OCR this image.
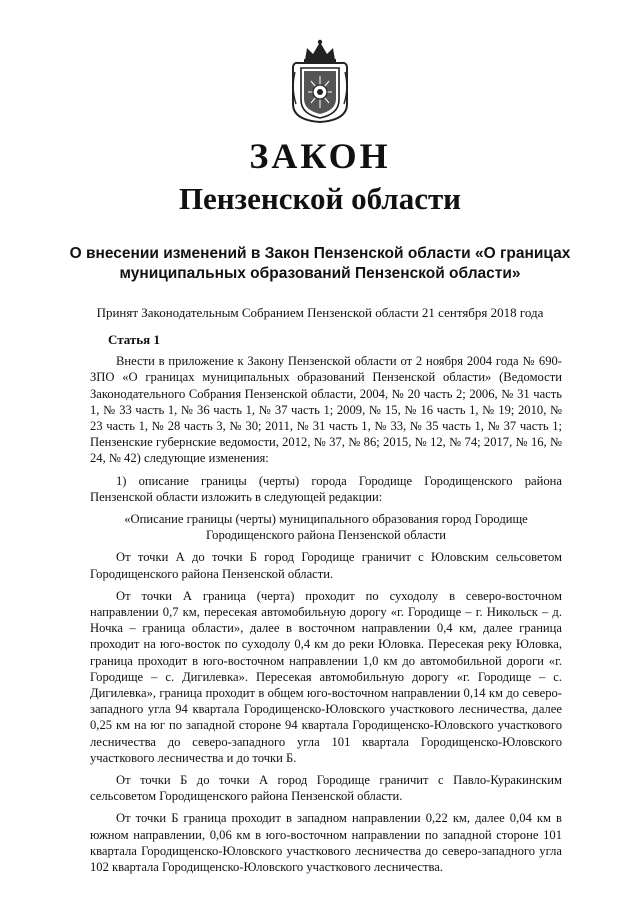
ЗАКОН
Пензенской области

О внесении изменений в Закон Пензенской области «О границах муниципальных образований Пензенской области»

Принят Законодательным Собранием Пензенской области 21 сентября 2018 года

Статья 1

Внести в приложение к Закону Пензенской области от 2 ноября 2004 года № 690-ЗПО «О границах муниципальных образований Пензенской области» (Ведомости Законодательного Собрания Пензенской области, 2004, № 20 часть 2; 2006, № 31 часть 1, № 33 часть 1, № 36 часть 1, № 37 часть 1; 2009, № 15, № 16 часть 1, № 19; 2010, № 23 часть 1, № 28 часть 3, № 30; 2011, № 31 часть 1, № 33, № 35 часть 1, № 37 часть 1; Пензенские губернские ведомости, 2012, № 37, № 86; 2015, № 12, № 74; 2017, № 16, № 24, № 42) следующие изменения:

1) описание границы (черты) города Городище Городищенского района Пензенской области изложить в следующей редакции:

«Описание границы (черты) муниципального образования город Городище Городищенского района Пензенской области

От точки А до точки Б город Городище граничит с Юловским сельсоветом Городищенского района Пензенской области.

От точки А граница (черта) проходит по суходолу в северо-восточном направлении 0,7 км, пересекая автомобильную дорогу «г. Городище – г. Никольск – д. Ночка – граница области», далее в восточном направлении 0,4 км, далее граница проходит на юго-восток по суходолу 0,4 км до реки Юловка. Пересекая реку Юловка, граница проходит в юго-восточном направлении 1,0 км до автомобильной дороги «г. Городище – с. Дигилевка». Пересекая автомобильную дорогу «г. Городище – с. Дигилевка», граница проходит в общем юго-восточном направлении 0,14 км до северо-западного угла 94 квартала Городищенско-Юловского участкового лесничества, далее 0,25 км на юг по западной стороне 94 квартала Городищенско-Юловского участкового лесничества до северо-западного угла 101 квартала Городищенско-Юловского участкового лесничества и до точки Б.

От точки Б до точки А город Городище граничит с Павло-Куракинским сельсоветом Городищенского района Пензенской области.

От точки Б граница проходит в западном направлении 0,22 км, далее 0,04 км в южном направлении, 0,06 км в юго-восточном направлении по западной стороне 101 квартала Городищенско-Юловского участкового лесничества до северо-западного угла 102 квартала Городищенско-Юловского участкового лесничества.
